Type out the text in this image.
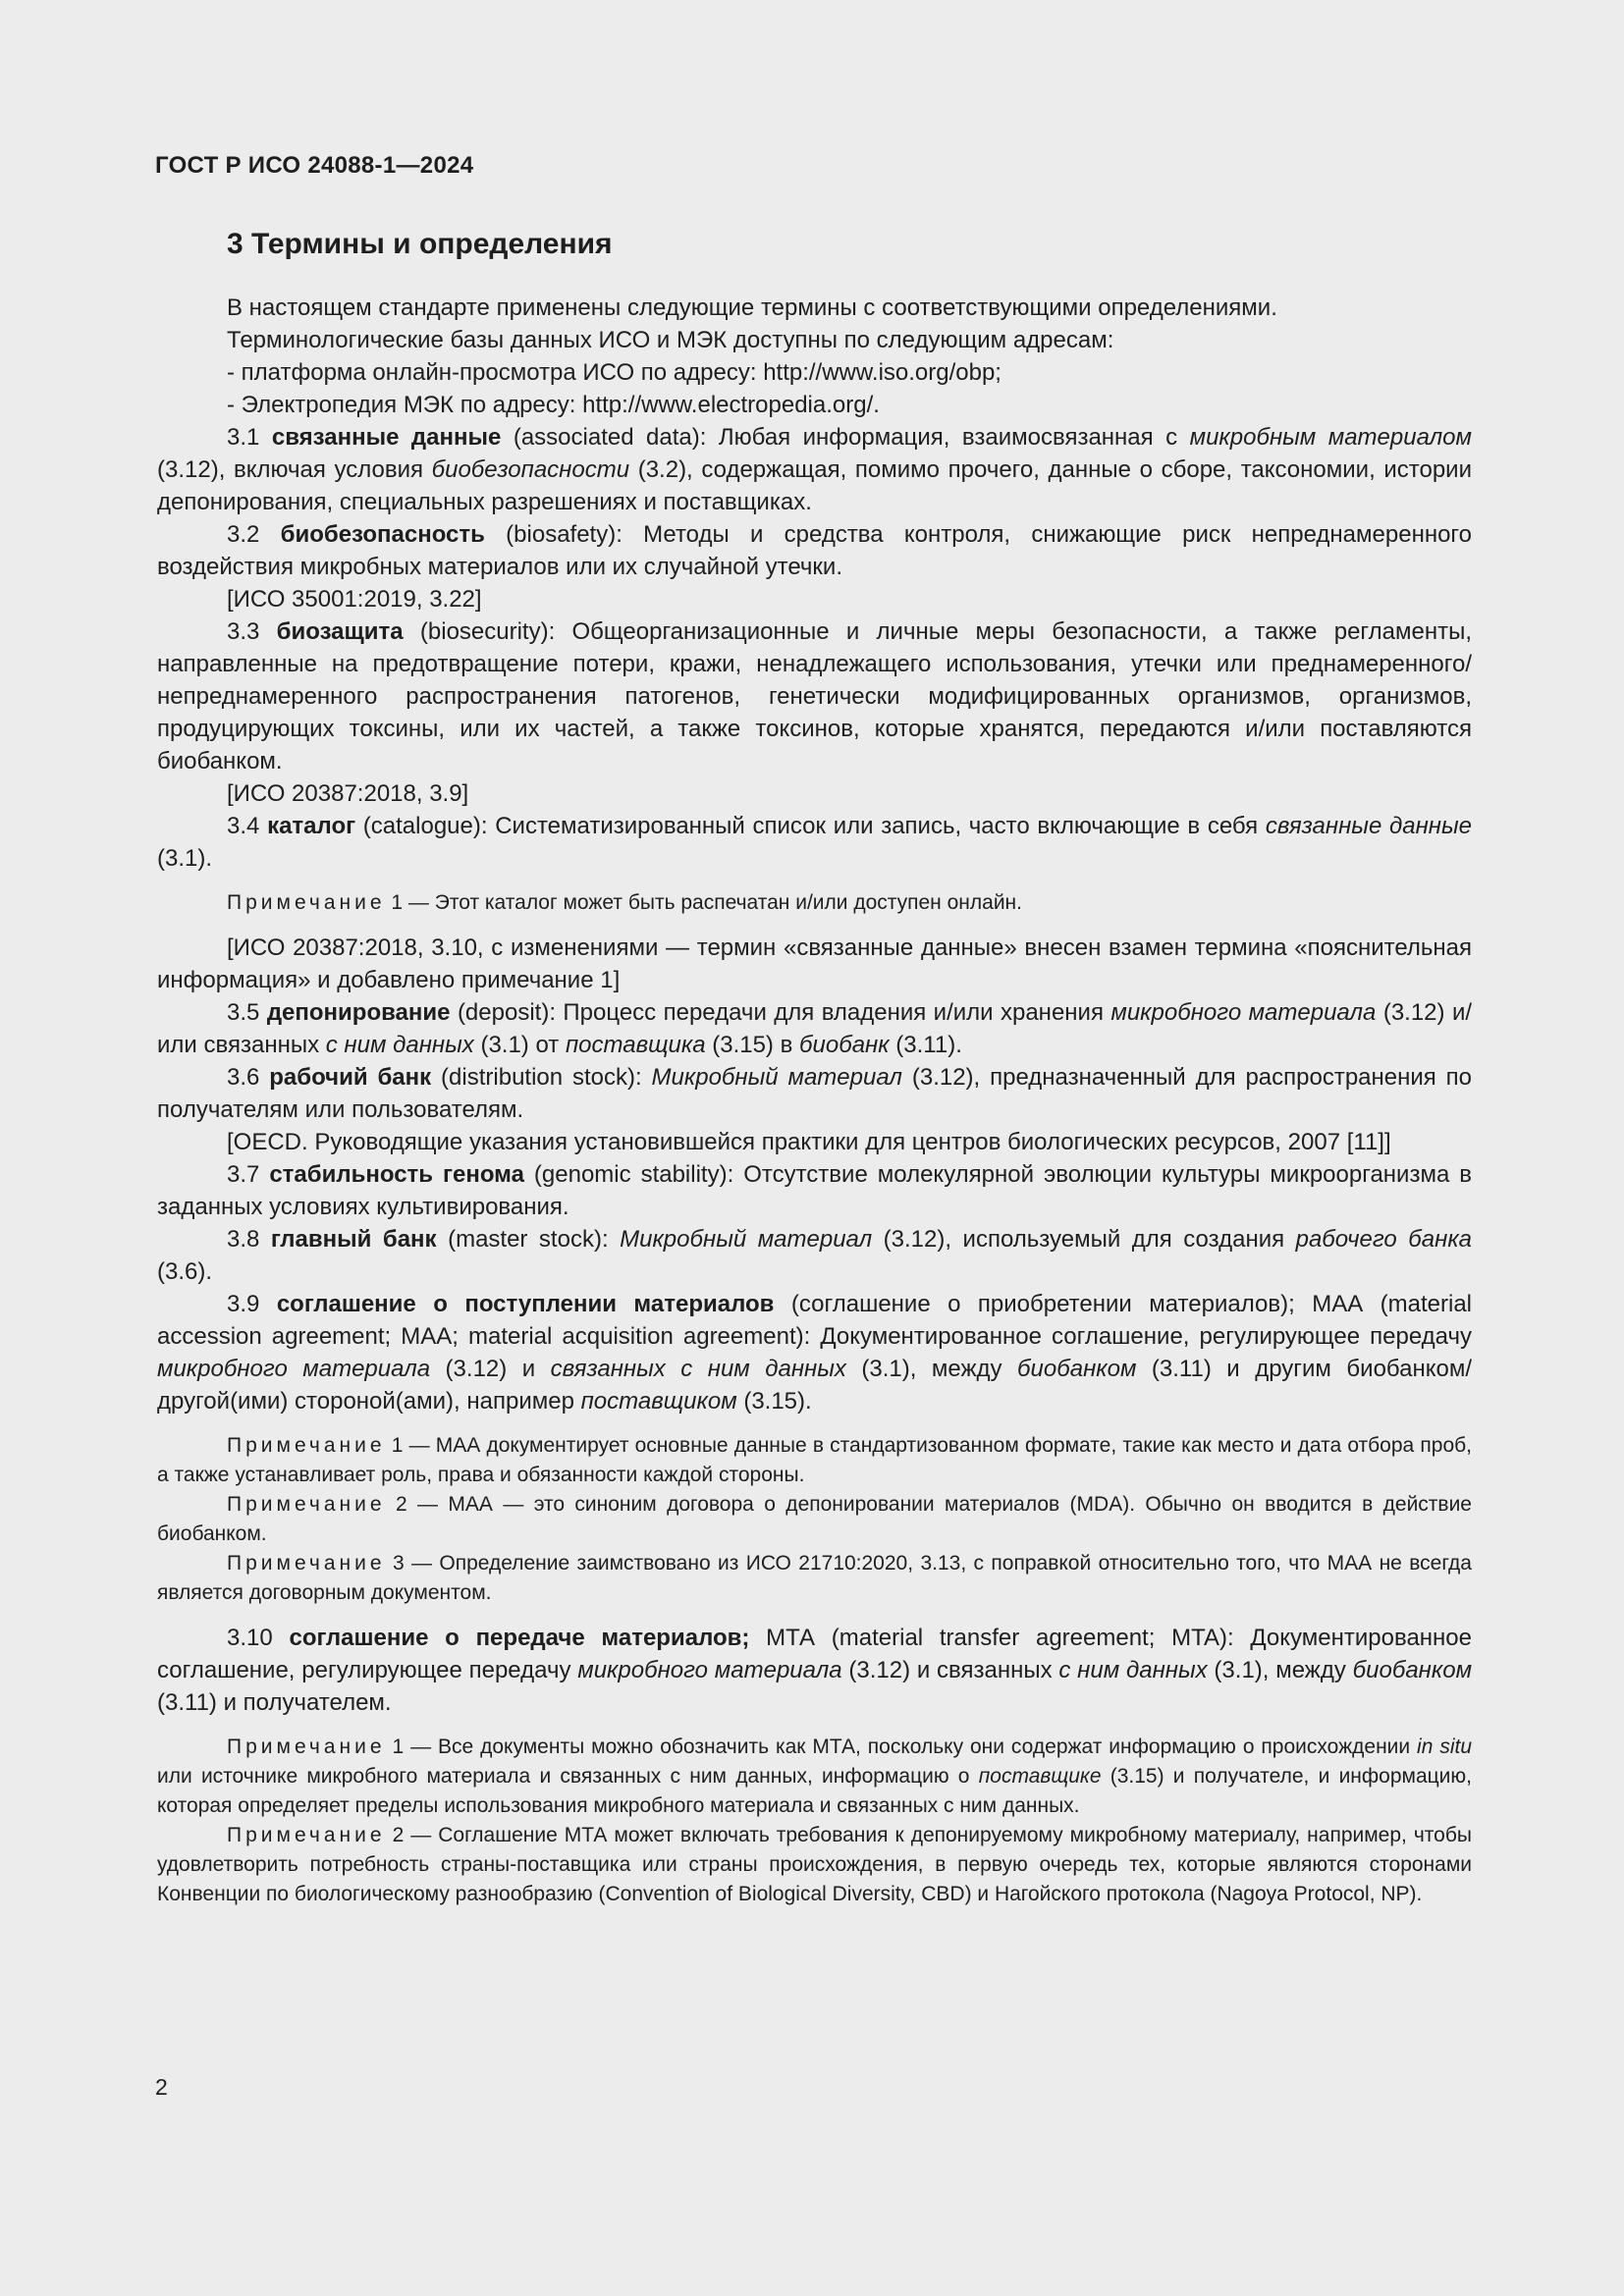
ГОСТ Р ИСО 24088-1—2024
3 Термины и определения

В настоящем стандарте применены следующие термины с соответствующими определениями.

Терминологические базы данных ИСО и МЭК доступны по следующим адресам:

- платформа онлайн-просмотра ИСО по адресу: http://www.iso.org/obp;

- Электропедия МЭК по адресу: http://www.electropedia.org/.

3.1 связанные данные (associated data): Любая информация, взаимосвязанная с микробным материалом (3.12), включая условия биобезопасности (3.2), содержащая, помимо прочего, данные о сборе, таксономии, истории депонирования, специальных разрешениях и поставщиках.

3.2 биобезопасность (biosafety): Методы и средства контроля, снижающие риск непреднамеренного воздействия микробных материалов или их случайной утечки.

[ИСО 35001:2019, 3.22]

3.3 биозащита (biosecurity): Общеорганизационные и личные меры безопасности, а также регламенты, направленные на предотвращение потери, кражи, ненадлежащего использования, утечки или преднамеренного/непреднамеренного распространения патогенов, генетически модифицированных организмов, организмов, продуцирующих токсины, или их частей, а также токсинов, которые хранятся, передаются и/или поставляются биобанком.

[ИСО 20387:2018, 3.9]

3.4 каталог (catalogue): Систематизированный список или запись, часто включающие в себя связанные данные (3.1).

Примечание 1 — Этот каталог может быть распечатан и/или доступен онлайн.

[ИСО 20387:2018, 3.10, с изменениями — термин «связанные данные» внесен взамен термина «пояснительная информация» и добавлено примечание 1]

3.5 депонирование (deposit): Процесс передачи для владения и/или хранения микробного материала (3.12) и/или связанных с ним данных (3.1) от поставщика (3.15) в биобанк (3.11).

3.6 рабочий банк (distribution stock): Микробный материал (3.12), предназначенный для распространения по получателям или пользователям.

[OECD. Руководящие указания установившейся практики для центров биологических ресурсов, 2007 [11]]

3.7 стабильность генома (genomic stability): Отсутствие молекулярной эволюции культуры микроорганизма в заданных условиях культивирования.

3.8 главный банк (master stock): Микробный материал (3.12), используемый для создания рабочего банка (3.6).

3.9 соглашение о поступлении материалов (соглашение о приобретении материалов); МАА (material accession agreement; MAA; material acquisition agreement): Документированное соглашение, регулирующее передачу микробного материала (3.12) и связанных с ним данных (3.1), между биобанком (3.11) и другим биобанком/другой(ими) стороной(ами), например поставщиком (3.15).

Примечание 1 — МАА документирует основные данные в стандартизованном формате, такие как место и дата отбора проб, а также устанавливает роль, права и обязанности каждой стороны.

Примечание 2 — МАА — это синоним договора о депонировании материалов (MDA). Обычно он вводится в действие биобанком.

Примечание 3 — Определение заимствовано из ИСО 21710:2020, 3.13, с поправкой относительно того, что МАА не всегда является договорным документом.

3.10 соглашение о передаче материалов; МТА (material transfer agreement; MTA): Документированное соглашение, регулирующее передачу микробного материала (3.12) и связанных с ним данных (3.1), между биобанком (3.11) и получателем.

Примечание 1 — Все документы можно обозначить как МТА, поскольку они содержат информацию о происхождении in situ или источнике микробного материала и связанных с ним данных, информацию о поставщике (3.15) и получателе, и информацию, которая определяет пределы использования микробного материала и связанных с ним данных.

Примечание 2 — Соглашение МТА может включать требования к депонируемому микробному материалу, например, чтобы удовлетворить потребность страны-поставщика или страны происхождения, в первую очередь тех, которые являются сторонами Конвенции по биологическому разнообразию (Convention of Biological Diversity, CBD) и Нагойского протокола (Nagoya Protocol, NP).

2
